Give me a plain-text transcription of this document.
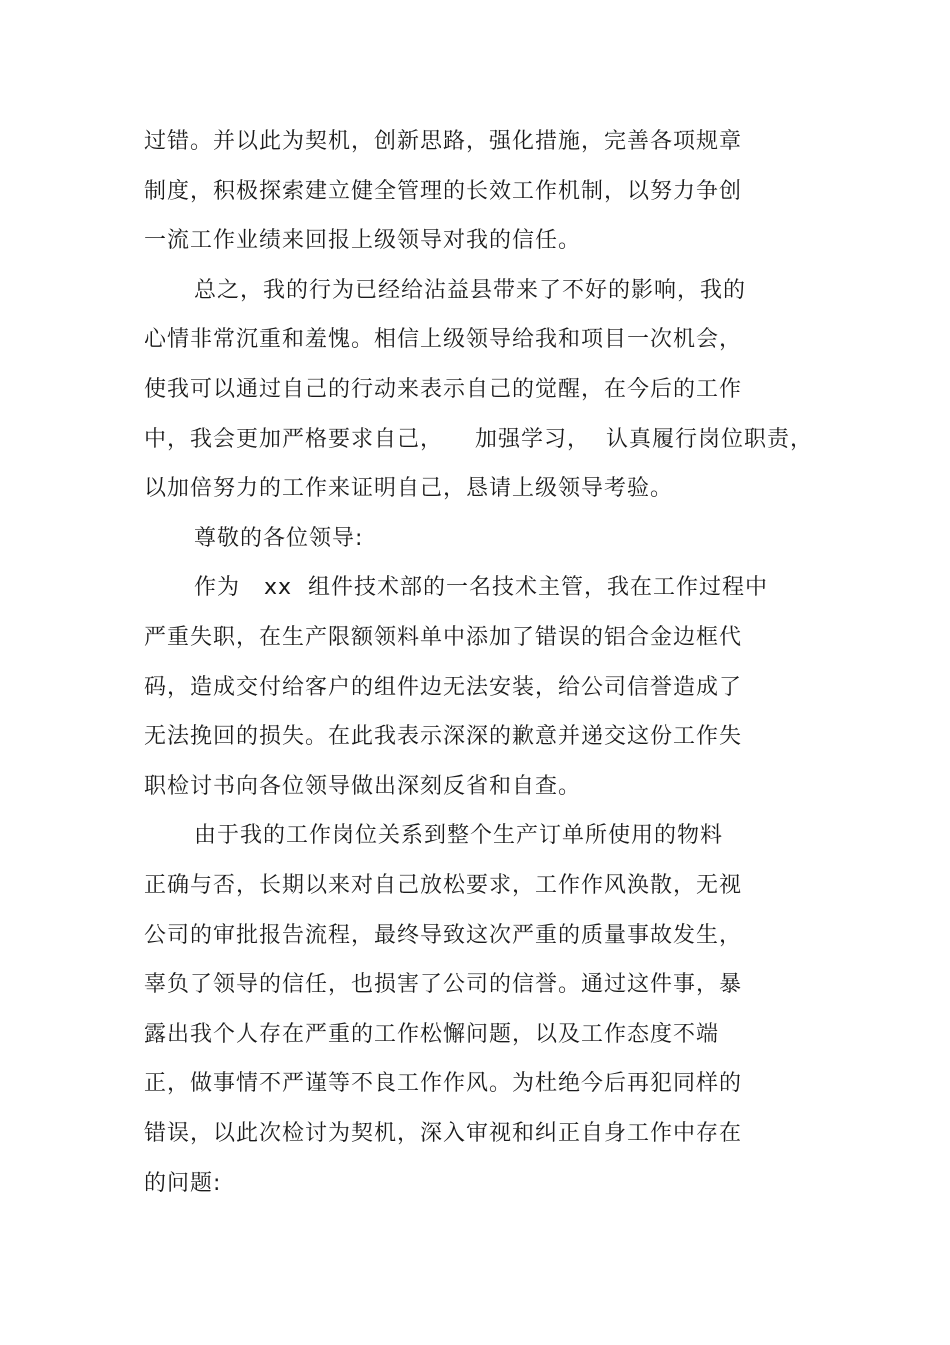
过错。并以此为契机，创新思路，强化措施，完善各项规章
制度，积极探索建立健全管理的长效工作机制，以努力争创
一流工作业绩来回报上级领导对我的信任。
总之，我的行为已经给沾益县带来了不好的影响，我的
心情非常沉重和羞愧。相信上级领导给我和项目一次机会，
使我可以通过自己的行动来表示自己的觉醒，在今后的工作
中，我会更加严格要求自己，    加强学习，  认真履行岗位职责，
以加倍努力的工作来证明自己，恳请上级领导考验。
尊敬的各位领导:
作为   xx  组件技术部的一名技术主管，我在工作过程中
严重失职，在生产限额领料单中添加了错误的铝合金边框代
码，造成交付给客户的组件边无法安装，给公司信誉造成了
无法挽回的损失。在此我表示深深的歉意并递交这份工作失
职检讨书向各位领导做出深刻反省和自查。
由于我的工作岗位关系到整个生产订单所使用的物料
正确与否，长期以来对自己放松要求，工作作风涣散，无视
公司的审批报告流程，最终导致这次严重的质量事故发生，
辜负了领导的信任，也损害了公司的信誉。通过这件事，暴
露出我个人存在严重的工作松懈问题，以及工作态度不端
正，做事情不严谨等不良工作作风。为杜绝今后再犯同样的
错误，以此次检讨为契机，深入审视和纠正自身工作中存在
的问题:
